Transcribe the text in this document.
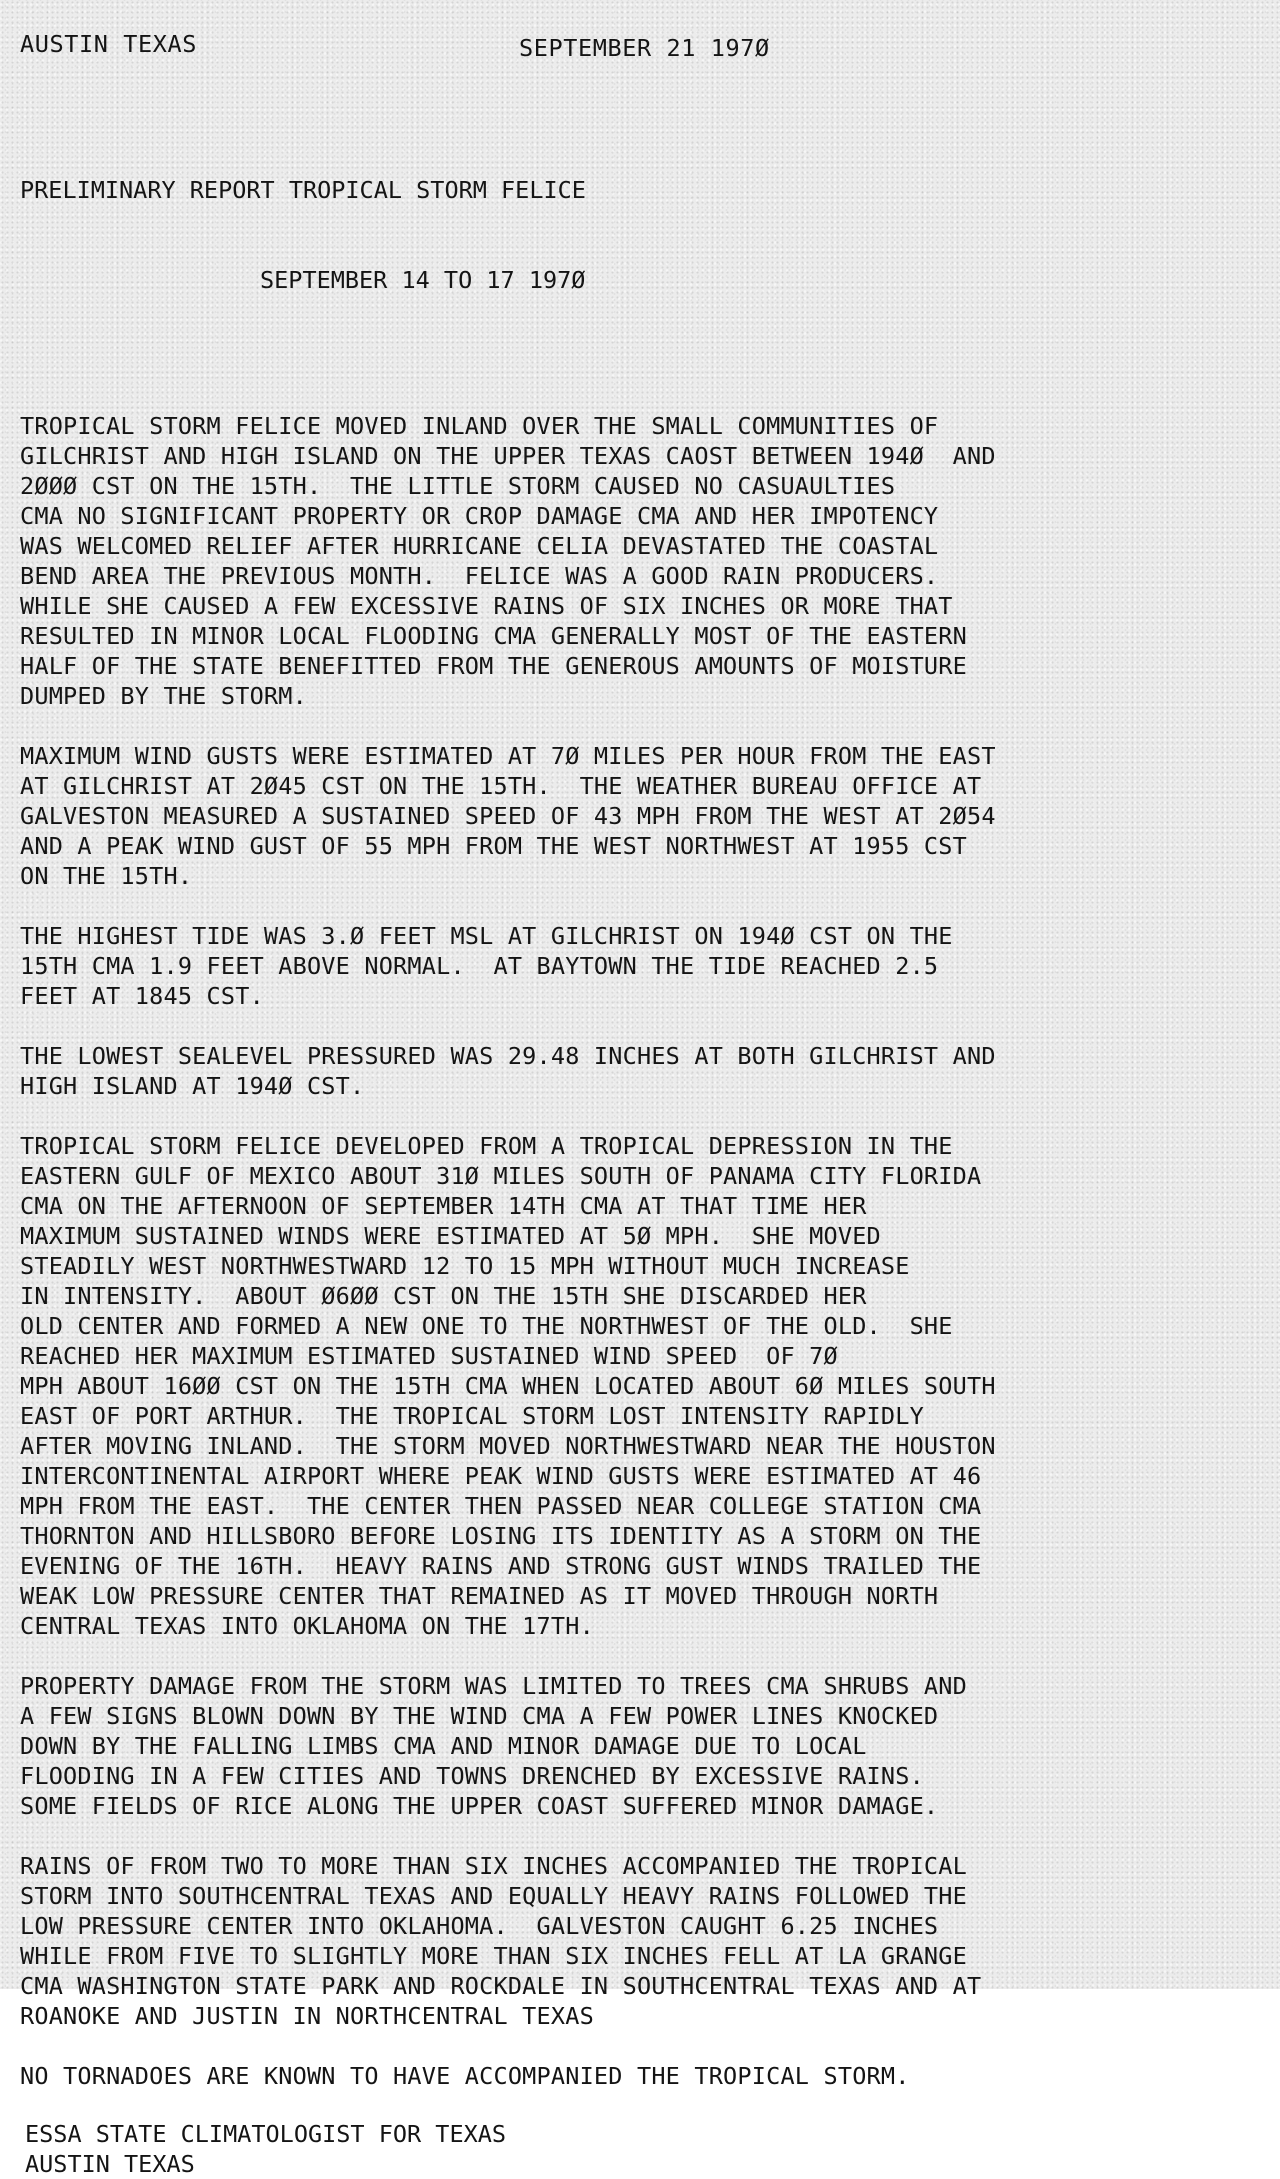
AUSTIN TEXAS	SEPTEMBER 21 197Ø

PRELIMINARY REPORT TROPICAL STORM FELICE

SEPTEMBER 14 TO 17 197Ø

TROPICAL STORM FELICE MOVED INLAND OVER THE SMALL COMMUNITIES OF
GILCHRIST AND HIGH ISLAND ON THE UPPER TEXAS CAOST BETWEEN 194Ø  AND
2ØØØ CST ON THE 15TH.  THE LITTLE STORM CAUSED NO CASUAULTIES
CMA NO SIGNIFICANT PROPERTY OR CROP DAMAGE CMA AND HER IMPOTENCY
WAS WELCOMED RELIEF AFTER HURRICANE CELIA DEVASTATED THE COASTAL
BEND AREA THE PREVIOUS MONTH.  FELICE WAS A GOOD RAIN PRODUCERS.
WHILE SHE CAUSED A FEW EXCESSIVE RAINS OF SIX INCHES OR MORE THAT
RESULTED IN MINOR LOCAL FLOODING CMA GENERALLY MOST OF THE EASTERN
HALF OF THE STATE BENEFITTED FROM THE GENEROUS AMOUNTS OF MOISTURE
DUMPED BY THE STORM.
MAXIMUM WIND GUSTS WERE ESTIMATED AT 7Ø MILES PER HOUR FROM THE EAST
AT GILCHRIST AT 2Ø45 CST ON THE 15TH.  THE WEATHER BUREAU OFFICE AT
GALVESTON MEASURED A SUSTAINED SPEED OF 43 MPH FROM THE WEST AT 2Ø54
AND A PEAK WIND GUST OF 55 MPH FROM THE WEST NORTHWEST AT 1955 CST
ON THE 15TH.
THE HIGHEST TIDE WAS 3.Ø FEET MSL AT GILCHRIST ON 194Ø CST ON THE
15TH CMA 1.9 FEET ABOVE NORMAL.  AT BAYTOWN THE TIDE REACHED 2.5
FEET AT 1845 CST.
THE LOWEST SEALEVEL PRESSURED WAS 29.48 INCHES AT BOTH GILCHRIST AND
HIGH ISLAND AT 194Ø CST.
TROPICAL STORM FELICE DEVELOPED FROM A TROPICAL DEPRESSION IN THE
EASTERN GULF OF MEXICO ABOUT 31Ø MILES SOUTH OF PANAMA CITY FLORIDA
CMA ON THE AFTERNOON OF SEPTEMBER 14TH CMA AT THAT TIME HER
MAXIMUM SUSTAINED WINDS WERE ESTIMATED AT 5Ø MPH.  SHE MOVED
STEADILY WEST NORTHWESTWARD 12 TO 15 MPH WITHOUT MUCH INCREASE
IN INTENSITY.  ABOUT Ø6ØØ CST ON THE 15TH SHE DISCARDED HER
OLD CENTER AND FORMED A NEW ONE TO THE NORTHWEST OF THE OLD.  SHE
REACHED HER MAXIMUM ESTIMATED SUSTAINED WIND SPEED  OF 7Ø
MPH ABOUT 16ØØ CST ON THE 15TH CMA WHEN LOCATED ABOUT 6Ø MILES SOUTH
EAST OF PORT ARTHUR.  THE TROPICAL STORM LOST INTENSITY RAPIDLY
AFTER MOVING INLAND.  THE STORM MOVED NORTHWESTWARD NEAR THE HOUSTON
INTERCONTINENTAL AIRPORT WHERE PEAK WIND GUSTS WERE ESTIMATED AT 46
MPH FROM THE EAST.  THE CENTER THEN PASSED NEAR COLLEGE STATION CMA
THORNTON AND HILLSBORO BEFORE LOSING ITS IDENTITY AS A STORM ON THE
EVENING OF THE 16TH.  HEAVY RAINS AND STRONG GUST WINDS TRAILED THE
WEAK LOW PRESSURE CENTER THAT REMAINED AS IT MOVED THROUGH NORTH
CENTRAL TEXAS INTO OKLAHOMA ON THE 17TH.
PROPERTY DAMAGE FROM THE STORM WAS LIMITED TO TREES CMA SHRUBS AND
A FEW SIGNS BLOWN DOWN BY THE WIND CMA A FEW POWER LINES KNOCKED
DOWN BY THE FALLING LIMBS CMA AND MINOR DAMAGE DUE TO LOCAL
FLOODING IN A FEW CITIES AND TOWNS DRENCHED BY EXCESSIVE RAINS.
SOME FIELDS OF RICE ALONG THE UPPER COAST SUFFERED MINOR DAMAGE.
RAINS OF FROM TWO TO MORE THAN SIX INCHES ACCOMPANIED THE TROPICAL
STORM INTO SOUTHCENTRAL TEXAS AND EQUALLY HEAVY RAINS FOLLOWED THE
LOW PRESSURE CENTER INTO OKLAHOMA.  GALVESTON CAUGHT 6.25 INCHES
WHILE FROM FIVE TO SLIGHTLY MORE THAN SIX INCHES FELL AT LA GRANGE
CMA WASHINGTON STATE PARK AND ROCKDALE IN SOUTHCENTRAL TEXAS AND AT
ROANOKE AND JUSTIN IN NORTHCENTRAL TEXAS
NO TORNADOES ARE KNOWN TO HAVE ACCOMPANIED THE TROPICAL STORM.
ESSA STATE CLIMATOLOGIST FOR TEXAS
AUSTIN TEXAS
